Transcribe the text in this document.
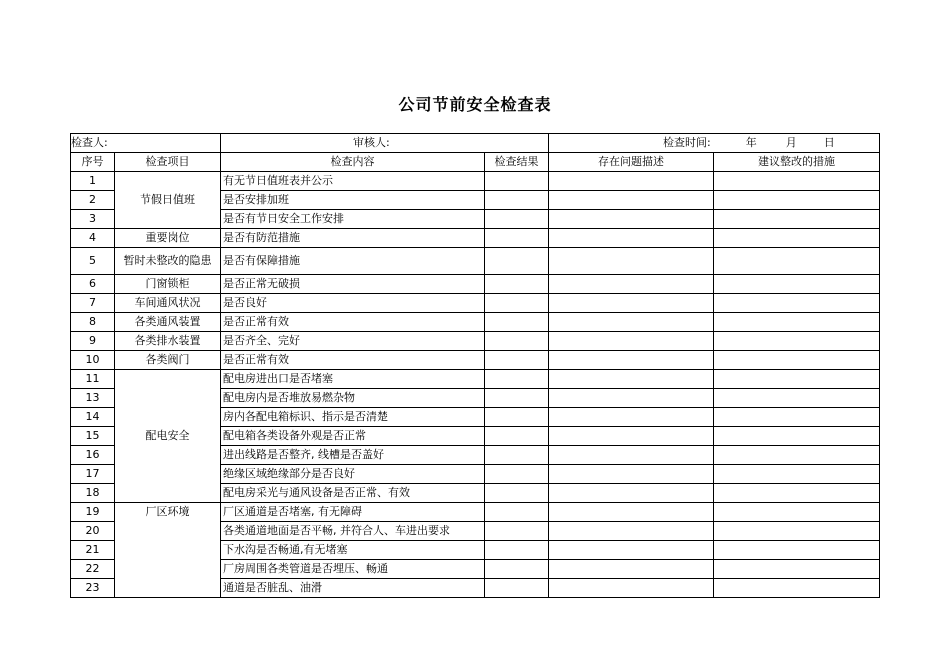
公司节前安全检查表
检查人:		审核人:		检查时间: 年 月 日	
序号	检查项目	检查内容	检查结果	存在问题描述	建议整改的措施
1	节假日值班	有无节日值班表并公示			
2		是否安排加班			
3		是否有节日安全工作安排			
4	重要岗位	是否有防范措施			
5	暂时未整改的隐患	是否有保障措施			
6	门窗锁柜	是否正常无破损			
7	车间通风状况	是否良好			
8	各类通风装置	是否正常有效			
9	各类排水装置	是否齐全、完好			
10	各类阀门	是否正常有效			
11	配电安全	配电房进出口是否堵塞			
13		配电房内是否堆放易燃杂物			
14		房内各配电箱标识、指示是否清楚			
15		配电箱各类设备外观是否正常			
16		进出线路是否整齐, 线槽是否盖好			
17		绝缘区域绝缘部分是否良好			
18		配电房采光与通风设备是否正常、有效			
19	厂区环境	厂区通道是否堵塞, 有无障碍			
20		各类通道地面是否平畅, 并符合人、车进出要求			
21		下水沟是否畅通,有无堵塞			
22		厂房周围各类管道是否埋压、畅通			
23		通道是否脏乱、油滑			
